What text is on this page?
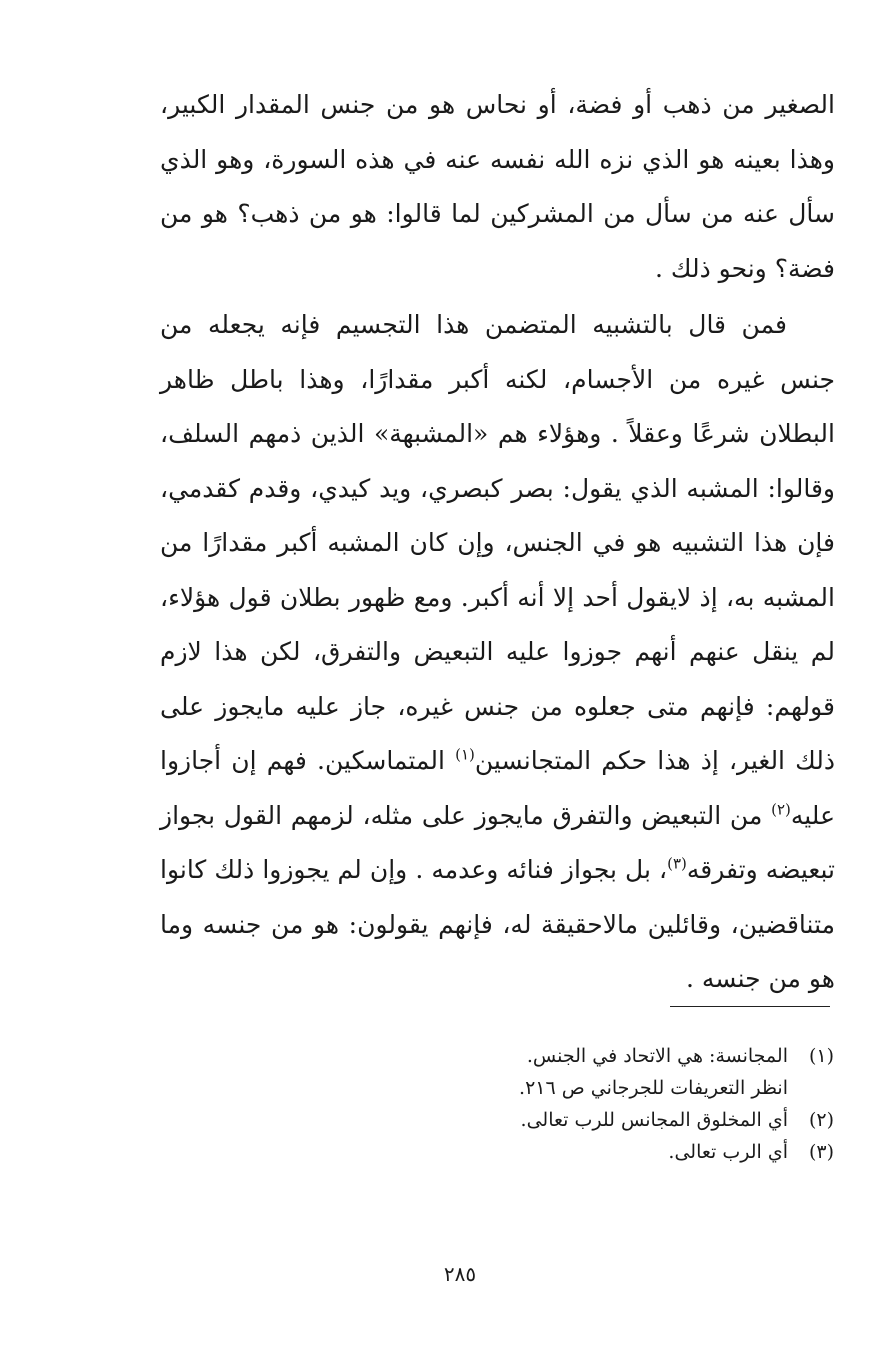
الصغير من ذهب أو فضة، أو نحاس هو من جنس المقدار الكبير، وهذا بعينه هو الذي نزه الله نفسه عنه في هذه السورة، وهو الذي سأل عنه من سأل من المشركين لما قالوا: هو من ذهب؟ هو من فضة؟ ونحو ذلك .

فمن قال بالتشبيه المتضمن هذا التجسيم فإنه يجعله من جنس غيره من الأجسام، لكنه أكبر مقدارًا، وهذا باطل ظاهر البطلان شرعًا وعقلاً . وهؤلاء هم «المشبهة» الذين ذمهم السلف، وقالوا: المشبه الذي يقول: بصر كبصري، ويد كيدي، وقدم كقدمي، فإن هذا التشبيه هو في الجنس، وإن كان المشبه أكبر مقدارًا من المشبه به، إذ لايقول أحد إلا أنه أكبر. ومع ظهور بطلان قول هؤلاء، لم ينقل عنهم أنهم جوزوا عليه التبعيض والتفرق، لكن هذا لازم قولهم: فإنهم متى جعلوه من جنس غيره، جاز عليه مايجوز على ذلك الغير، إذ هذا حكم المتجانسين$^{(١)}$ المتماسكين. فهم إن أجازوا عليه$^{(٢)}$ من التبعيض والتفرق مايجوز على مثله، لزمهم القول بجواز تبعيضه وتفرقه$^{(٣)}$، بل بجواز فنائه وعدمه . وإن لم يجوزوا ذلك كانوا متناقضين، وقائلين مالاحقيقة له، فإنهم يقولون: هو من جنسه وما هو من جنسه .

(١)
المجانسة: هي الاتحاد في الجنس.

انظر التعريفات للجرجاني ص ٢١٦.

(٢)
أي المخلوق المجانس للرب تعالى.
(٣)
أي الرب تعالى.
٢٨٥
